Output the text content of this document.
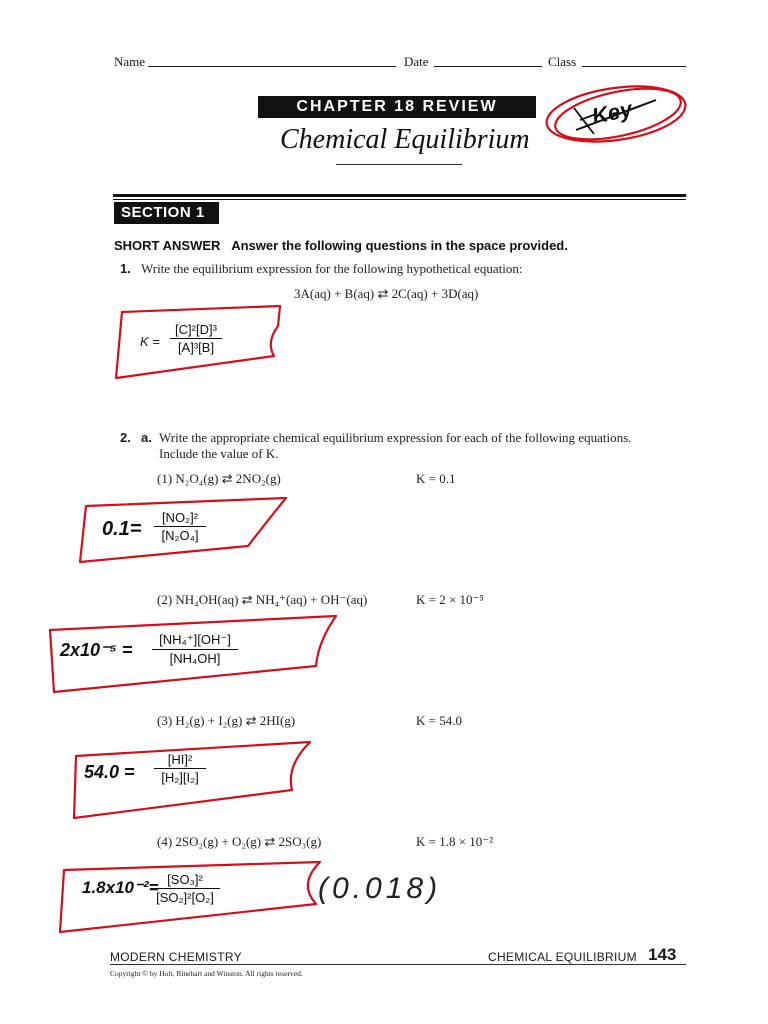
Name	Date	Class
CHAPTER 18 REVIEW
Chemical Equilibrium
Key
SECTION 1
SHORT ANSWER Answer the following questions in the space provided.
1. Write the equilibrium expression for the following hypothetical equation:
3A(aq) + B(aq) ⇄ 2C(aq) + 3D(aq)
K =
[C]²[D]³
[A]³[B]
2. a. Write the appropriate chemical equilibrium expression for each of the following equations.
Include the value of K.
(1) N₂O₄(g) ⇄ 2NO₂(g)	K = 0.1
0.1=
[NO₂]²
[N₂O₄]
(2) NH₄OH(aq) ⇄ NH₄⁺(aq) + OH⁻(aq)	K = 2 × 10⁻⁵
2x10⁻⁵ =
[NH₄⁺][OH⁻]
[NH₄OH]
(3) H₂(g) + I₂(g) ⇄ 2HI(g)	K = 54.0
54.0 =
[HI]²
[H₂][I₂]
(4) 2SO₂(g) + O₂(g) ⇄ 2SO₃(g)	K = 1.8 × 10⁻²
1.8x10⁻²= [SO₃]²
[SO₂]²[O₂]	(0.018)
MODERN CHEMISTRY	CHEMICAL EQUILIBRIUM 143
Copyright © by Holt, Rinehart and Winston. All rights reserved.
